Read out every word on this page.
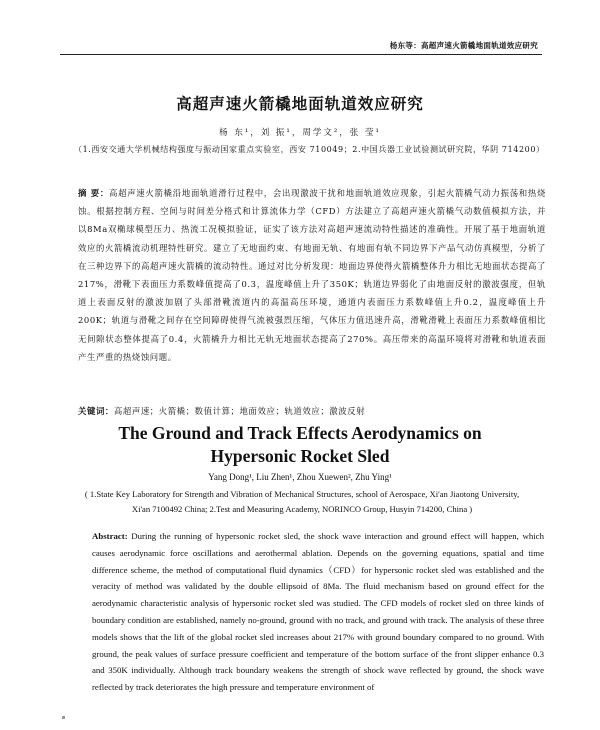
杨东等：高超声速火箭橇地面轨道效应研究
高超声速火箭橇地面轨道效应研究
杨 东¹，刘 振¹，周学文²，张 莹¹
（1.西安交通大学机械结构强度与振动国家重点实验室，西安 710049；2.中国兵器工业试验测试研究院，华阴 714200）
摘 要：高超声速火箭橇沿地面轨道滑行过程中，会出现激波干扰和地面轨道效应现象，引起火箭橇气动力振荡和热烧蚀。根据控制方程、空间与时间差分格式和计算流体力学（CFD）方法建立了高超声速火箭橇气动数值模拟方法，并以8Ma双椭球模型压力、热流工况模拟验证，证实了该方法对高超声速流动特性描述的准确性。开展了基于地面轨道效应的火箭橇流动机理特性研究。建立了无地面约束、有地面无轨、有地面有轨不同边界下产品气动仿真模型，分析了在三种边界下的高超声速火箭橇的流动特性。通过对比分析发现：地面边界使得火箭橇整体升力相比无地面状态提高了217%，滑靴下表面压力系数峰值提高了0.3，温度峰值上升了350K；轨道边界弱化了由地面反射的激波强度，但轨道上表面反射的激波加剧了头部滑靴流道内的高温高压环境，通道内表面压力系数峰值上升0.2，温度峰值上升200K；轨道与滑靴之间存在空间障碍使得气流被强烈压缩，气体压力值迅速升高，滑靴滑靴上表面压力系数峰值相比无间隙状态整体提高了0.4，火箭橇升力相比无轨无地面状态提高了270%。高压带来的高温环境将对滑靴和轨道表面产生严重的热烧蚀问题。
关键词：高超声速；火箭橇；数值计算；地面效应；轨道效应；激波反射
The Ground and Track Effects Aerodynamics on Hypersonic Rocket Sled
Yang Dong¹, Liu Zhen¹, Zhou Xuewen², Zhu Ying¹
( 1.State Key Laboratory for Strength and Vibration of Mechanical Structures, school of Aerospace, Xi'an Jiaotong University, Xi'an 7100492 China; 2.Test and Measuring Academy, NORINCO Group, Husyin 714200, China )
Abstract: During the running of hypersonic rocket sled, the shock wave interaction and ground effect will happen, which causes aerodynamic force oscillations and aerothermal ablation. Depends on the governing equations, spatial and time difference scheme, the method of computational fluid dynamics（CFD）for hypersonic rocket sled was established and the veracity of method was validated by the double ellipsoid of 8Ma. The fluid mechanism based on ground effect for the aerodynamic characteristic analysis of hypersonic rocket sled was studied. The CFD models of rocket sled on three kinds of boundary condition are established, namely no-ground, ground with no track, and ground with track. The analysis of these three models shows that the lift of the global rocket sled increases about 217% with ground boundary compared to no ground. With ground, the peak values of surface pressure coefficient and temperature of the bottom surface of the front slipper enhance 0.3 and 350K individually. Although track boundary weakens the strength of shock wave reflected by ground, the shock wave reflected by track deteriorates the high pressure and temperature environment of
